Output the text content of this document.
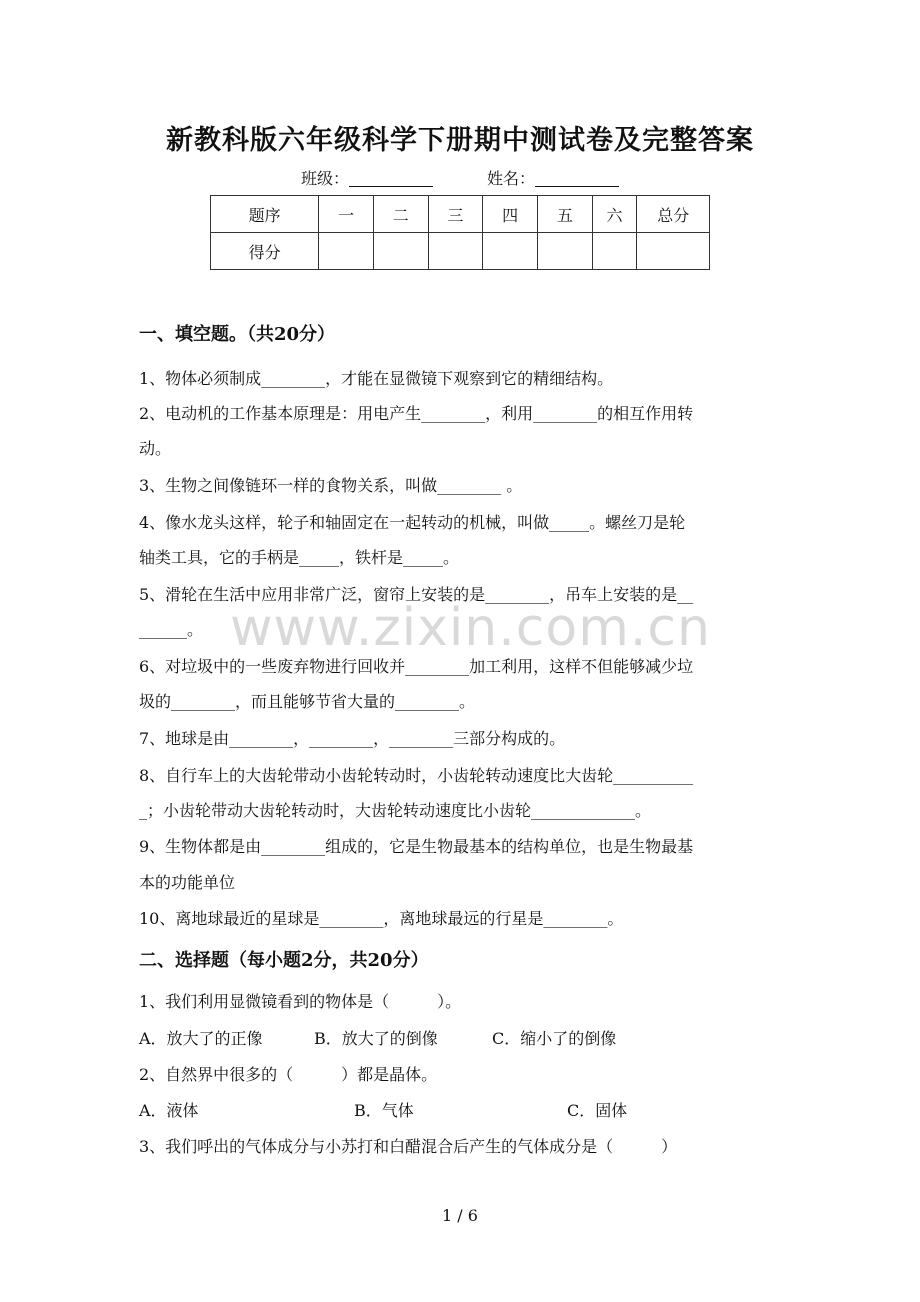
新教科版六年级科学下册期中测试卷及完整答案
班级：	姓名：
题序	一	二	三	四	五	六	总分
得分							
一、填空题。（共20分）
1、物体必须制成________，才能在显微镜下观察到它的精细结构。
2、电动机的工作基本原理是：用电产生________，利用________的相互作用转
动。
3、生物之间像链环一样的食物关系，叫做________ 。
4、像水龙头这样，轮子和轴固定在一起转动的机械，叫做_____。螺丝刀是轮
轴类工具，它的手柄是_____，铁杆是_____。
5、滑轮在生活中应用非常广泛，窗帘上安装的是________，吊车上安装的是__
______。
6、对垃圾中的一些废弃物进行回收并________加工利用，这样不但能够减少垃
圾的________，而且能够节省大量的________。
7、地球是由________，________，________三部分构成的。
8、自行车上的大齿轮带动小齿轮转动时，小齿轮转动速度比大齿轮__________
_；小齿轮带动大齿轮转动时，大齿轮转动速度比小齿轮_____________。
9、生物体都是由________组成的，它是生物最基本的结构单位，也是生物最基
本的功能单位
10、离地球最近的星球是________，离地球最远的行星是________。
二、选择题（每小题2分，共20分）
1、我们利用显微镜看到的物体是（　　　）。
A．放大了的正像	B．放大了的倒像	C．缩小了的倒像
2、自然界中很多的（　　　）都是晶体。
A．液体	B．气体	C．固体
3、我们呼出的气体成分与小苏打和白醋混合后产生的气体成分是（　　　）
www.zixin.com.cn
1 / 6
